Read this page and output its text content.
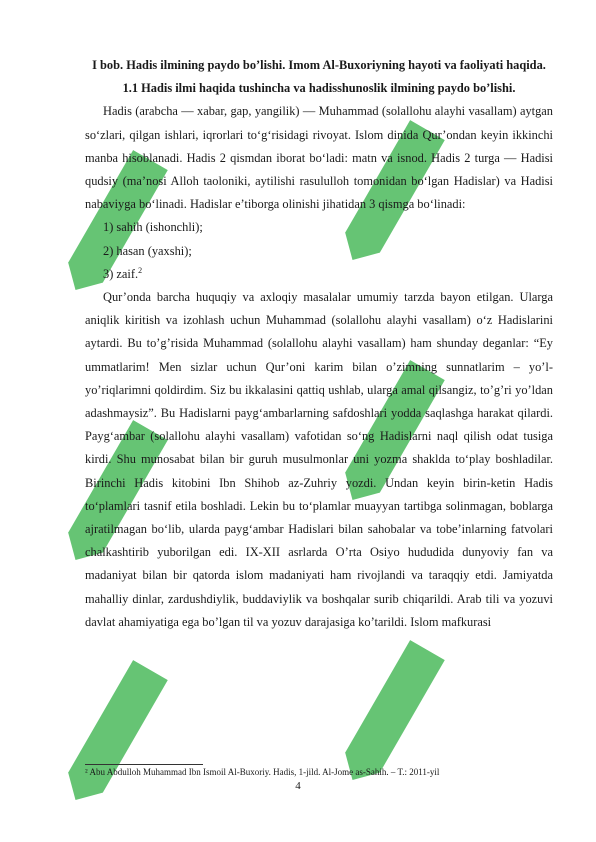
I bob. Hadis ilmining paydo bo’lishi. Imom Al-Buxoriyning hayoti va faoliyati haqida.

1.1 Hadis ilmi haqida tushincha va hadisshunoslik ilmining paydo bo’lishi.

Hadis (arabcha — xabar, gap, yangilik) — Muhammad (solallohu alayhi vasallam) aytgan so‘zlari, qilgan ishlari, iqrorlari to‘g‘risidagi rivoyat. Islom dinida Qur’ondan keyin ikkinchi manba hisoblanadi. Hadis 2 qismdan iborat bo‘ladi: matn va isnod. Hadis 2 turga — Hadisi qudsiy (ma’nosi Alloh taoloniki, aytilishi rasululloh tomonidan bo‘lgan Hadislar) va Hadisi nabaviyga bo‘linadi. Hadislar e’tiborga olinishi jihatidan 3 qismga bo‘linadi:

1) sahih (ishonchli);

2) hasan (yaxshi);

3) zaif.$^2$

Qur’onda barcha huquqiy va axloqiy masalalar umumiy tarzda bayon etilgan. Ularga aniqlik kiritish va izohlash uchun Muhammad (solallohu alayhi vasallam) o‘z Hadislarini aytardi. Bu to’g’risida Muhammad (solallohu alayhi vasallam) ham shunday deganlar: “Ey ummatlarim! Men sizlar uchun Qur’oni karim bilan o’zimning sunnatlarim – yo’l-yo’riqlarimni qoldirdim. Siz bu ikkalasini qattiq ushlab, ularga amal qilsangiz, to’g’ri yo’ldan adashmaysiz”. Bu Hadislarni payg‘ambarlarning safdoshlari yodda saqlashga harakat qilardi. Payg‘ambar (solallohu alayhi vasallam) vafotidan so‘ng Hadislarni naql qilish odat tusiga kirdi. Shu munosabat bilan bir guruh musulmonlar uni yozma shaklda to‘play boshladilar. Birinchi Hadis kitobini Ibn Shihob az-Zuhriy yozdi. Undan keyin birin-ketin Hadis to‘plamlari tasnif etila boshladi. Lekin bu to‘plamlar muayyan tartibga solinmagan, boblarga ajratilmagan bo‘lib, ularda payg‘ambar Hadislari bilan sahobalar va tobe’inlarning fatvolari chalkashtirib yuborilgan edi. IX-XII asrlarda O’rta Osiyo hududida dunyoviy fan va madaniyat bilan bir qatorda islom madaniyati ham rivojlandi va taraqqiy etdi. Jamiyatda mahalliy dinlar, zardushdiylik, buddaviylik va boshqalar surib chiqarildi. Arab tili va yozuvi davlat ahamiyatiga ega bo’lgan til va yozuv darajasiga ko’tarildi. Islom mafkurasi

² Abu Abdulloh Muhammad Ibn Ismoil Al-Buxoriy. Hadis, 1-jild. Al-Jome as-Sahih. – T.: 2011-yil
4
